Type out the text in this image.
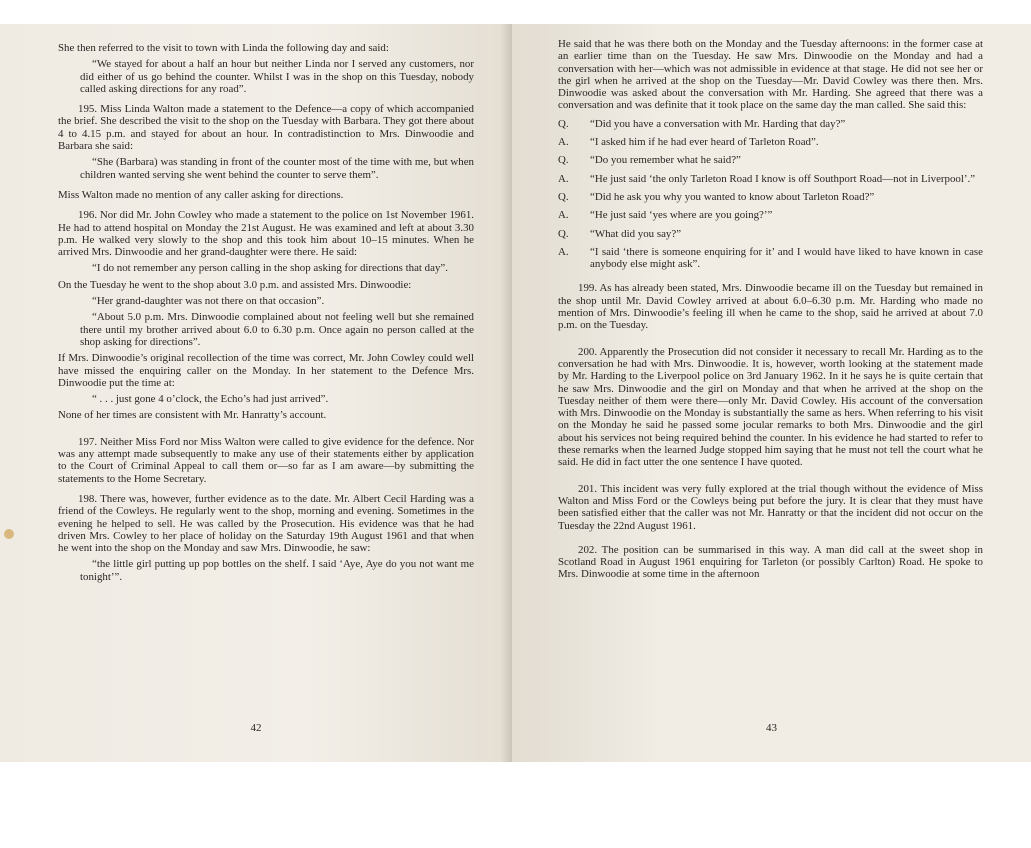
She then referred to the visit to town with Linda the following day and said:

“We stayed for about a half an hour but neither Linda nor I served any customers, nor did either of us go behind the counter. Whilst I was in the shop on this Tuesday, nobody called asking directions for any road”.

195. Miss Linda Walton made a statement to the Defence—a copy of which accompanied the brief. She described the visit to the shop on the Tuesday with Barbara. They got there about 4 to 4.15 p.m. and stayed for about an hour. In contradistinction to Mrs. Dinwoodie and Barbara she said:

“She (Barbara) was standing in front of the counter most of the time with me, but when children wanted serving she went behind the counter to serve them”.

Miss Walton made no mention of any caller asking for directions.

196. Nor did Mr. John Cowley who made a statement to the police on 1st November 1961. He had to attend hospital on Monday the 21st August. He was examined and left at about 3.30 p.m. He walked very slowly to the shop and this took him about 10–15 minutes. When he arrived Mrs. Dinwoodie and her grand-daughter were there. He said:

“I do not remember any person calling in the shop asking for directions that day”.

On the Tuesday he went to the shop about 3.0 p.m. and assisted Mrs. Dinwoodie:

“Her grand-daughter was not there on that occasion”.

“About 5.0 p.m. Mrs. Dinwoodie complained about not feeling well but she remained there until my brother arrived about 6.0 to 6.30 p.m. Once again no person called at the shop asking for directions”.

If Mrs. Dinwoodie’s original recollection of the time was correct, Mr. John Cowley could well have missed the enquiring caller on the Monday. In her statement to the Defence Mrs. Dinwoodie put the time at:

“ . . . just gone 4 o’clock, the Echo’s had just arrived”.

None of her times are consistent with Mr. Hanratty’s account.

197. Neither Miss Ford nor Miss Walton were called to give evidence for the defence. Nor was any attempt made subsequently to make any use of their statements either by application to the Court of Criminal Appeal to call them or—so far as I am aware—by submitting the statements to the Home Secretary.

198. There was, however, further evidence as to the date. Mr. Albert Cecil Harding was a friend of the Cowleys. He regularly went to the shop, morning and evening. Sometimes in the evening he helped to sell. He was called by the Prosecution. His evidence was that he had driven Mrs. Cowley to her place of holiday on the Saturday 19th August 1961 and that when he went into the shop on the Monday and saw Mrs. Dinwoodie, he saw:

“the little girl putting up pop bottles on the shelf. I said ‘Aye, Aye do you not want me tonight’”.

42

He said that he was there both on the Monday and the Tuesday afternoons: in the former case at an earlier time than on the Tuesday. He saw Mrs. Dinwoodie on the Monday and had a conversation with her—which was not admissible in evidence at that stage. He did not see her or the girl when he arrived at the shop on the Tuesday—Mr. David Cowley was there then. Mrs. Dinwoodie was asked about the conversation with Mr. Harding. She agreed that there was a conversation and was definite that it took place on the same day the man called. She said this:

Q.	“Did you have a conversation with Mr. Harding that day?”
A.	“I asked him if he had ever heard of Tarleton Road”.
Q.	“Do you remember what he said?”
A.	“He just said ‘the only Tarleton Road I know is off Southport Road—not in Liverpool’.”
Q.	“Did he ask you why you wanted to know about Tarleton Road?”
A.	“He just said ‘yes where are you going?’”
Q.	“What did you say?”
A.	“I said ‘there is someone enquiring for it’ and I would have liked to have known in case anybody else might ask”.

199. As has already been stated, Mrs. Dinwoodie became ill on the Tuesday but remained in the shop until Mr. David Cowley arrived at about 6.0–6.30 p.m. Mr. Harding who made no mention of Mrs. Dinwoodie’s feeling ill when he came to the shop, said he arrived at about 7.0 p.m. on the Tuesday.

200. Apparently the Prosecution did not consider it necessary to recall Mr. Harding as to the conversation he had with Mrs. Dinwoodie. It is, however, worth looking at the statement made by Mr. Harding to the Liverpool police on 3rd January 1962. In it he says he is quite certain that he saw Mrs. Dinwoodie and the girl on Monday and that when he arrived at the shop on the Tuesday neither of them were there—only Mr. David Cowley. His account of the conversation with Mrs. Dinwoodie on the Monday is substantially the same as hers. When referring to his visit on the Monday he said he passed some jocular remarks to both Mrs. Dinwoodie and the girl about his services not being required behind the counter. In his evidence he had started to refer to these remarks when the learned Judge stopped him saying that he must not tell the court what he said. He did in fact utter the one sentence I have quoted.

201. This incident was very fully explored at the trial though without the evidence of Miss Walton and Miss Ford or the Cowleys being put before the jury. It is clear that they must have been satisfied either that the caller was not Mr. Hanratty or that the incident did not occur on the Tuesday the 22nd August 1961.

202. The position can be summarised in this way. A man did call at the sweet shop in Scotland Road in August 1961 enquiring for Tarleton (or possibly Carlton) Road. He spoke to Mrs. Dinwoodie at some time in the afternoon

43
